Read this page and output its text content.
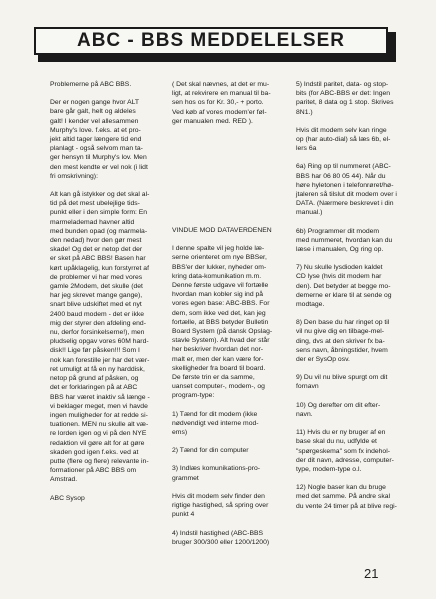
ABC - BBS MEDDELELSER

Problemerne på ABC BBS.

Der er nogen gange hvor ALT
bare går galt, helt og aldeles
galt! I kender vel allesammen
Murphy's love. f.eks. at et pro-
jekt altid tager længere tid end
planlagt - også selvom man ta-
ger hensyn til Murphy's lov. Men
den mest kendte er vel nok (i lidt
fri omskrivning):

Alt kan gå istykker og det skal al-
tid på det mest ubelejlige tids-
punkt eller i den simple form: En
marmelademad havner altid
med bunden opad (og marmela-
den nedad) hvor den gør mest
skade! Og det er netop det der
er sket på ABC BBS! Basen har
kørt upåklagelig, kun forstyrret af
de problemer vi har med vores
gamle 2Modem, det skulle (det
har jeg skrevet mange gange),
snart blive udskiftet med et nyt
2400 baud modem - det er ikke
mig der styrer den afdeling end-
nu, derfor forsinkelserne!), men
pludselig opgav vores 60M hard-
disk!! Lige før påsken!!! Som I
nok kan forestille jer har det vær-
ret umuligt at få en ny harddisk,
netop på grund af påsken, og
det er forklaringen på at ABC
BBS har været inaktiv så længe -
vi beklager meget, men vi havde
ingen muligheder for at redde si-
tuationen. MEN nu skulle alt væ-
re lorden igen og vi på den NYE
redaktion vil gøre alt for at gøre
skaden god igen f.eks. ved at
putte (flere og flere) relevante in-
formationer på ABC BBS om
Amstrad.

ABC Sysop

( Det skal nævnes, at det er mu-
ligt, at rekvirere en manual til ba-
sen hos os for Kr. 30,- + porto.
Ved køb af vores modem'er føl-
ger manualen med. RED ).

VINDUE MOD DATAVERDENEN

I denne spalte vil jeg holde læ-
serne orienteret om nye BBSer,
BBS'er der lukker, nyheder om-
kring data-komunikation m.m.
Denne første udgave vil fortælle
hvordan man kobler sig ind på
vores egen base: ABC-BBS. For
dem, som ikke ved det, kan jeg
fortælle, at BBS betyder Bulletin
Board System (på dansk Opslag-
stavle System). Alt hvad der står
her beskriver hvordan det nor-
malt er, men der kan være for-
skelligheder fra board til board.
De første trin er da samme,
uanset computer-, modem-, og
program-type:

1) Tænd for dit modem (ikke
nødvendigt ved interne mod-
ems)

2) Tænd for din computer

3) Indlæs komunikations-pro-
grammet

Hvis dit modem selv finder den
rigtige hastighed, så spring over
punkt 4

4) Indstil hastighed (ABC-BBS
bruger 300/300 eller 1200/1200)

5) Indstil paritet, data- og stop-
bits (for ABC-BBS er det: Ingen
paritet, 8 data og 1 stop. Skrives
8N1.)

Hvis dit modem selv kan ringe
op (har auto-dial) så læs 6b, el-
lers 6a

6a) Ring op til nummeret (ABC-
BBS har 06 80 05 44). Når du
høre hyletonen i telefonrøret/hø-
jtaleren så tilslut dit modem over i
DATA. (Nærmere beskrevet i din
manual.)

6b) Programmer dit modem
med nummeret, hvordan kan du
læse i manualen, Og ring op.

7) Nu skulle lysdioden kaldet
CD lyse (hvis dit modem har
den). Det betyder at begge mo-
demerne er klare til at sende og
modtage.

8) Den base du har ringet op til
vil nu give dig en tilbage-mel-
ding, dvs at den skriver fx ba-
sens navn, åbningstider, hvem
der er SysOp osv.

9) Du vil nu blive spurgt om dit
fornavn

10) Og derefter om dit efter-
navn.

11) Hvis du er ny bruger af en
base skal du nu, udfylde et
"spørgeskema" som fx indehol-
der dit navn, adresse, computer-
type, modem-type o.l.

12) Nogle baser kan du bruge
med det samme. På andre skal
du vente 24 timer på at blive regi-

21
